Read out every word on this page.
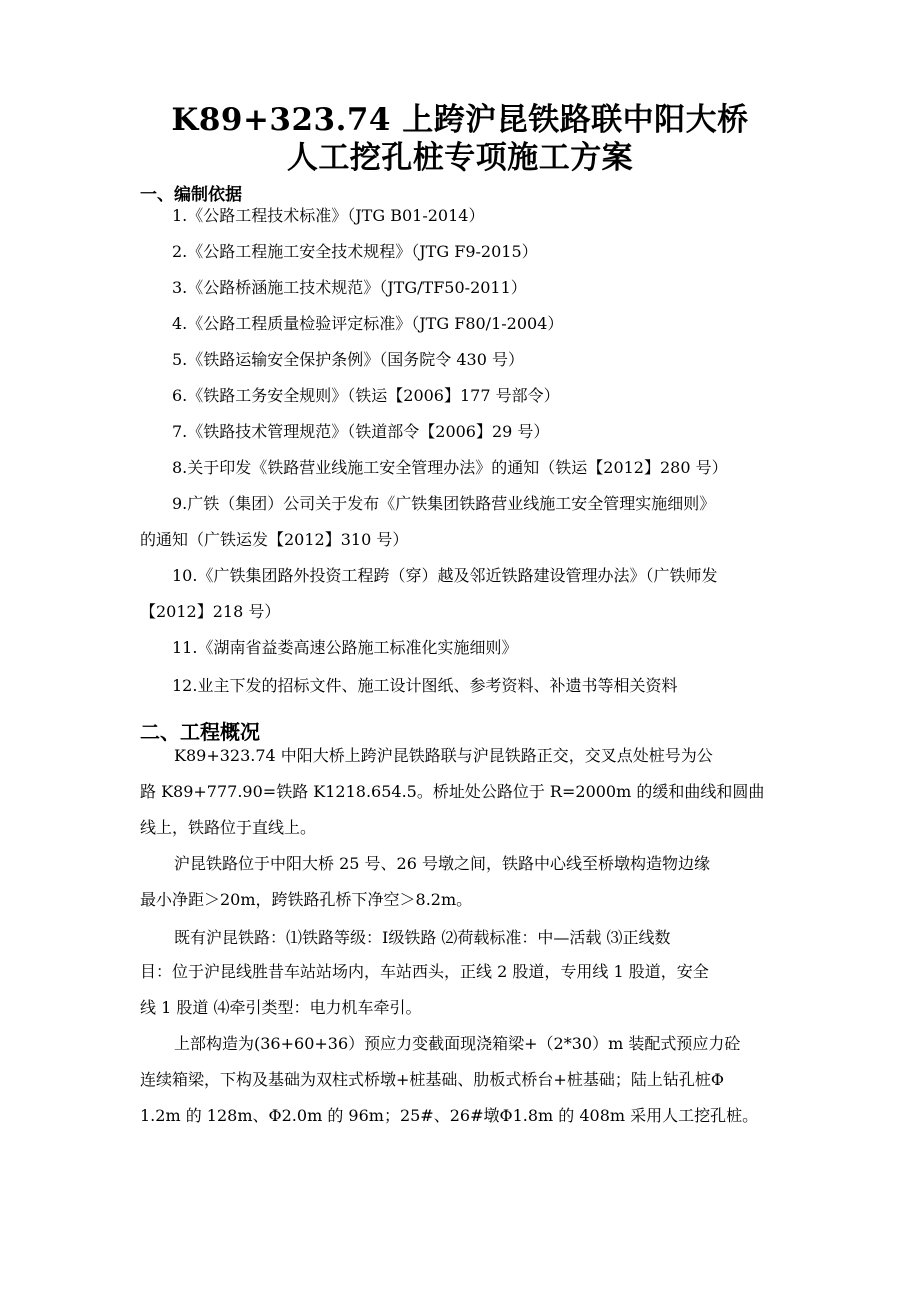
K89+323.74 上跨沪昆铁路联中阳大桥
人工挖孔桩专项施工方案
一、编制依据
1.《公路工程技术标准》（JTG B01-2014）
2.《公路工程施工安全技术规程》（JTG F9-2015）
3.《公路桥涵施工技术规范》（JTG/TF50-2011）
4.《公路工程质量检验评定标准》（JTG F80/1-2004）
5.《铁路运输安全保护条例》（国务院令 430 号）
6.《铁路工务安全规则》（铁运【2006】177 号部令）
7.《铁路技术管理规范》（铁道部令【2006】29 号）
8.关于印发《铁路营业线施工安全管理办法》的通知（铁运【2012】280 号）
9.广铁（集团）公司关于发布《广铁集团铁路营业线施工安全管理实施细则》
的通知（广铁运发【2012】310 号）
10.《广铁集团路外投资工程跨（穿）越及邻近铁路建设管理办法》（广铁师发
【2012】218 号）
11.《湖南省益娄高速公路施工标准化实施细则》
12.业主下发的招标文件、施工设计图纸、参考资料、补遗书等相关资料
二、工程概况
K89+323.74 中阳大桥上跨沪昆铁路联与沪昆铁路正交，交叉点处桩号为公
路 K89+777.90=铁路 K1218.654.5。桥址处公路位于 R=2000m 的缓和曲线和圆曲
线上，铁路位于直线上。
沪昆铁路位于中阳大桥 25 号、26 号墩之间，铁路中心线至桥墩构造物边缘
最小净距＞20m，跨铁路孔桥下净空＞8.2m。
既有沪昆铁路：⑴铁路等级：Ⅰ级铁路 ⑵荷载标准：中—活载 ⑶正线数
目：位于沪昆线胜昔车站站场内，车站西头，正线 2 股道，专用线 1 股道，安全
线 1 股道 ⑷牵引类型：电力机车牵引。
上部构造为(36+60+36）预应力变截面现浇箱梁+（2*30）m 装配式预应力砼
连续箱梁，下构及基础为双柱式桥墩+桩基础、肋板式桥台+桩基础；陆上钻孔桩Φ
1.2m 的 128m、Φ2.0m 的 96m；25#、26#墩Φ1.8m 的 408m 采用人工挖孔桩。
